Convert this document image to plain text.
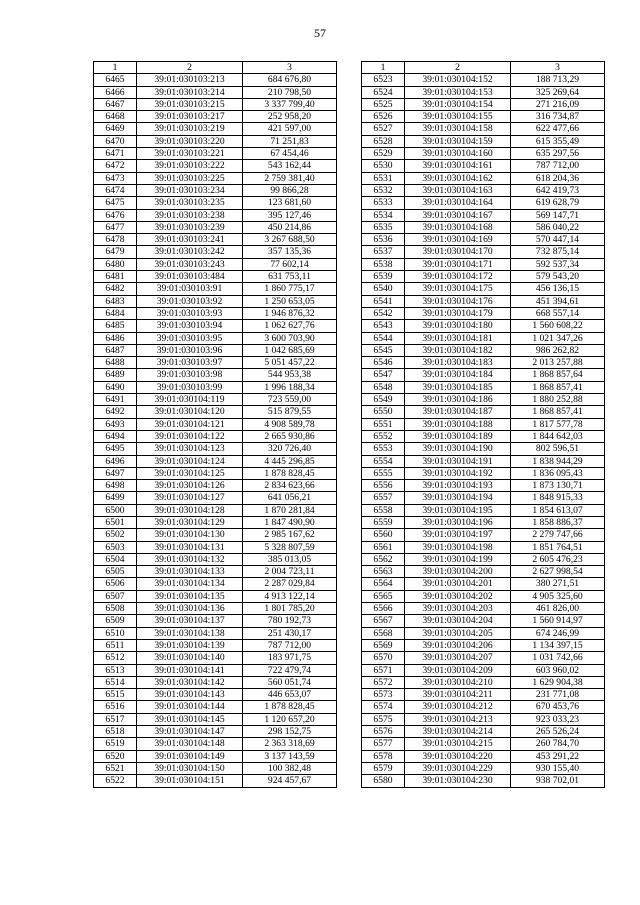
57
1	2	3
6465	39:01:030103:213	684 676,80
6466	39:01:030103:214	210 798,50
6467	39:01:030103:215	3 337 799,40
6468	39:01:030103:217	252 958,20
6469	39:01:030103:219	421 597,00
6470	39:01:030103:220	71 251,83
6471	39:01:030103:221	67 454,46
6472	39:01:030103:222	543 162,44
6473	39:01:030103:225	2 759 381,40
6474	39:01:030103:234	99 866,28
6475	39:01:030103:235	123 681,60
6476	39:01:030103:238	395 127,46
6477	39:01:030103:239	450 214,86
6478	39:01:030103:241	3 267 688,50
6479	39:01:030103:242	357 135,36
6480	39:01:030103:243	77 602,14
6481	39:01:030103:484	631 753,11
6482	39:01:030103:91	1 860 775,17
6483	39:01:030103:92	1 250 653,05
6484	39:01:030103:93	1 946 876,32
6485	39:01:030103:94	1 062 627,76
6486	39:01:030103:95	3 600 703,90
6487	39:01:030103:96	1 042 685,69
6488	39:01:030103:97	5 051 457,22
6489	39:01:030103:98	544 953,38
6490	39:01:030103:99	1 996 188,34
6491	39:01:030104:119	723 559,00
6492	39:01:030104:120	515 879,55
6493	39:01:030104:121	4 908 589,78
6494	39:01:030104:122	2 665 930,86
6495	39:01:030104:123	320 726,40
6496	39:01:030104:124	4 445 296,85
6497	39:01:030104:125	1 878 828,45
6498	39:01:030104:126	2 834 623,66
6499	39:01:030104:127	641 056,21
6500	39:01:030104:128	1 870 281,84
6501	39:01:030104:129	1 847 490,90
6502	39:01:030104:130	2 985 167,62
6503	39:01:030104:131	5 328 807,59
6504	39:01:030104:132	385 013,05
6505	39:01:030104:133	2 004 723,11
6506	39:01:030104:134	2 287 029,84
6507	39:01:030104:135	4 913 122,14
6508	39:01:030104:136	1 801 785,20
6509	39:01:030104:137	780 192,73
6510	39:01:030104:138	251 430,17
6511	39:01:030104:139	787 712,00
6512	39:01:030104:140	183 971,75
6513	39:01:030104:141	722 479,74
6514	39:01:030104:142	560 051,74
6515	39:01:030104:143	446 653,07
6516	39:01:030104:144	1 878 828,45
6517	39:01:030104:145	1 120 657,20
6518	39:01:030104:147	298 152,75
6519	39:01:030104:148	2 363 318,69
6520	39:01:030104:149	3 137 143,59
6521	39:01:030104:150	100 382,48
6522	39:01:030104:151	924 457,67
1	2	3
6523	39:01:030104:152	188 713,29
6524	39:01:030104:153	325 269,64
6525	39:01:030104:154	271 216,09
6526	39:01:030104:155	316 734,87
6527	39:01:030104:158	622 477,66
6528	39:01:030104:159	615 355,49
6529	39:01:030104:160	635 297,56
6530	39:01:030104:161	787 712,00
6531	39:01:030104:162	618 204,36
6532	39:01:030104:163	642 419,73
6533	39:01:030104:164	619 628,79
6534	39:01:030104:167	569 147,71
6535	39:01:030104:168	586 040,22
6536	39:01:030104:169	570 447,14
6537	39:01:030104:170	732 875,14
6538	39:01:030104:171	592 537,34
6539	39:01:030104:172	579 543,20
6540	39:01:030104:175	456 136,15
6541	39:01:030104:176	451 394,61
6542	39:01:030104:179	668 557,14
6543	39:01:030104:180	1 560 608,22
6544	39:01:030104:181	1 021 347,26
6545	39:01:030104:182	986 262,82
6546	39:01:030104:183	2 013 257,88
6547	39:01:030104:184	1 868 857,64
6548	39:01:030104:185	1 868 857,41
6549	39:01:030104:186	1 880 252,88
6550	39:01:030104:187	1 868 857,41
6551	39:01:030104:188	1 817 577,78
6552	39:01:030104:189	1 844 642,03
6553	39:01:030104:190	802 596,51
6554	39:01:030104:191	1 838 944,29
6555	39:01:030104:192	1 836 095,43
6556	39:01:030104:193	1 873 130,71
6557	39:01:030104:194	1 848 915,33
6558	39:01:030104:195	1 854 613,07
6559	39:01:030104:196	1 858 886,37
6560	39:01:030104:197	2 279 747,66
6561	39:01:030104:198	1 851 764,51
6562	39:01:030104:199	2 605 476,23
6563	39:01:030104:200	2 627 998,54
6564	39:01:030104:201	380 271,51
6565	39:01:030104:202	4 905 325,60
6566	39:01:030104:203	461 826,00
6567	39:01:030104:204	1 560 914,97
6568	39:01:030104:205	674 246,99
6569	39:01:030104:206	1 134 397,15
6570	39:01:030104:207	1 031 742,66
6571	39:01:030104:209	603 960,02
6572	39:01:030104:210	1 629 904,38
6573	39:01:030104:211	231 771,08
6574	39:01:030104:212	670 453,76
6575	39:01:030104:213	923 033,23
6576	39:01:030104:214	265 526,24
6577	39:01:030104:215	260 784,70
6578	39:01:030104:220	453 291,22
6579	39:01:030104:229	930 155,40
6580	39:01:030104:230	938 702,01
